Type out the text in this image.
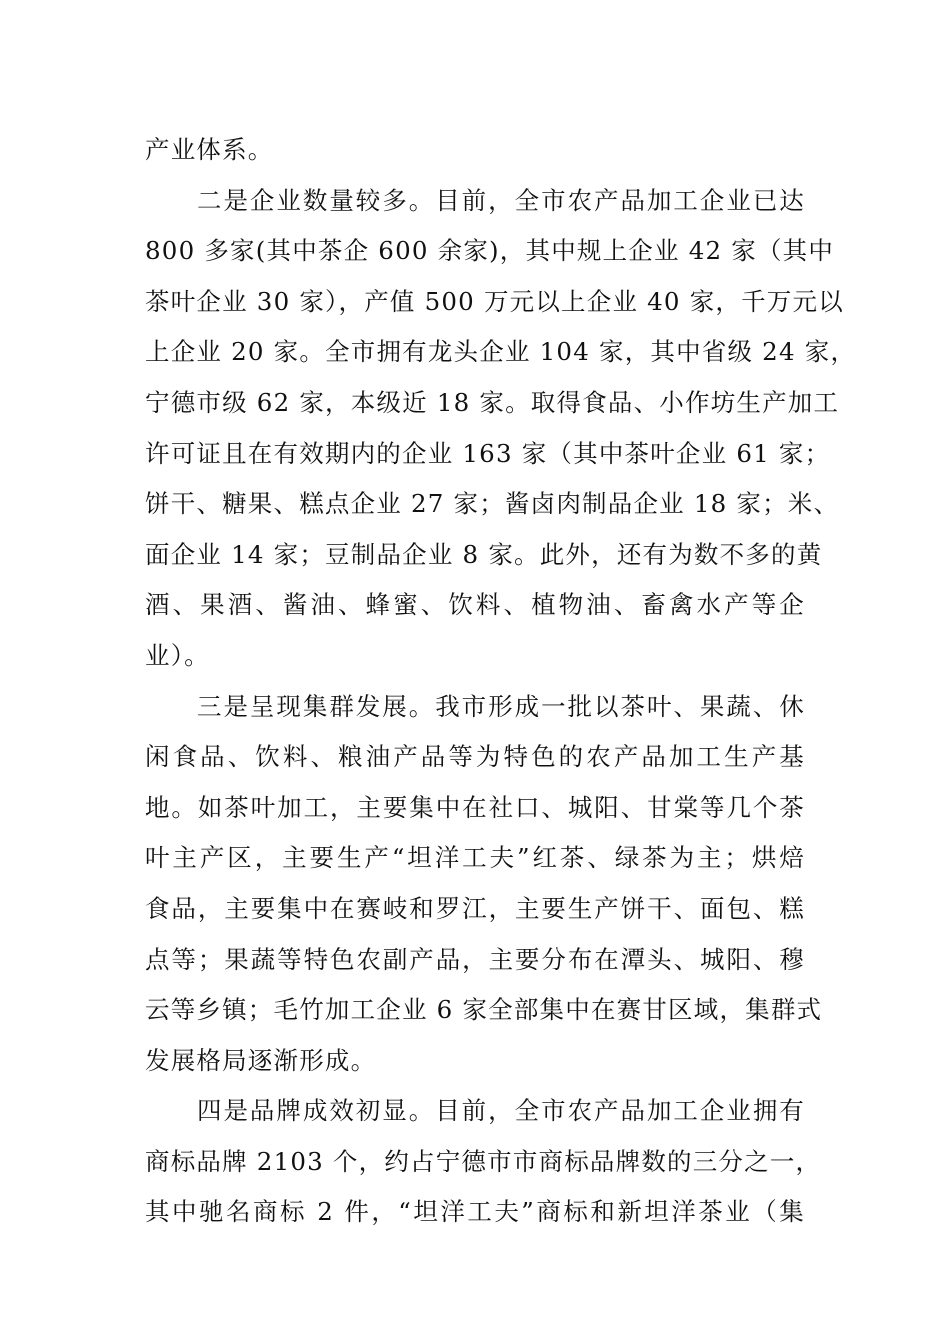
产业体系。
二是企业数量较多。目前，全市农产品加工企业已达
800 多家(其中茶企 600 余家)，其中规上企业 42 家（其中
茶叶企业 30 家），产值 500 万元以上企业 40 家，千万元以
上企业 20 家。全市拥有龙头企业 104 家，其中省级 24 家，
宁德市级 62 家，本级近 18 家。取得食品、小作坊生产加工
许可证且在有效期内的企业 163 家（其中茶叶企业 61 家；
饼干、糖果、糕点企业 27 家；酱卤肉制品企业 18 家；米、
面企业 14 家；豆制品企业 8 家。此外，还有为数不多的黄
酒、果酒、酱油、蜂蜜、饮料、植物油、畜禽水产等企
业）。
三是呈现集群发展。我市形成一批以茶叶、果蔬、休
闲食品、饮料、粮油产品等为特色的农产品加工生产基
地。如茶叶加工，主要集中在社口、城阳、甘棠等几个茶
叶主产区，主要生产“坦洋工夫”红茶、绿茶为主；烘焙
食品，主要集中在赛岐和罗江，主要生产饼干、面包、糕
点等；果蔬等特色农副产品，主要分布在潭头、城阳、穆
云等乡镇；毛竹加工企业 6 家全部集中在赛甘区域，集群式
发展格局逐渐形成。
四是品牌成效初显。目前，全市农产品加工企业拥有
商标品牌 2103 个，约占宁德市市商标品牌数的三分之一，
其中驰名商标 2 件，“坦洋工夫”商标和新坦洋茶业（集
